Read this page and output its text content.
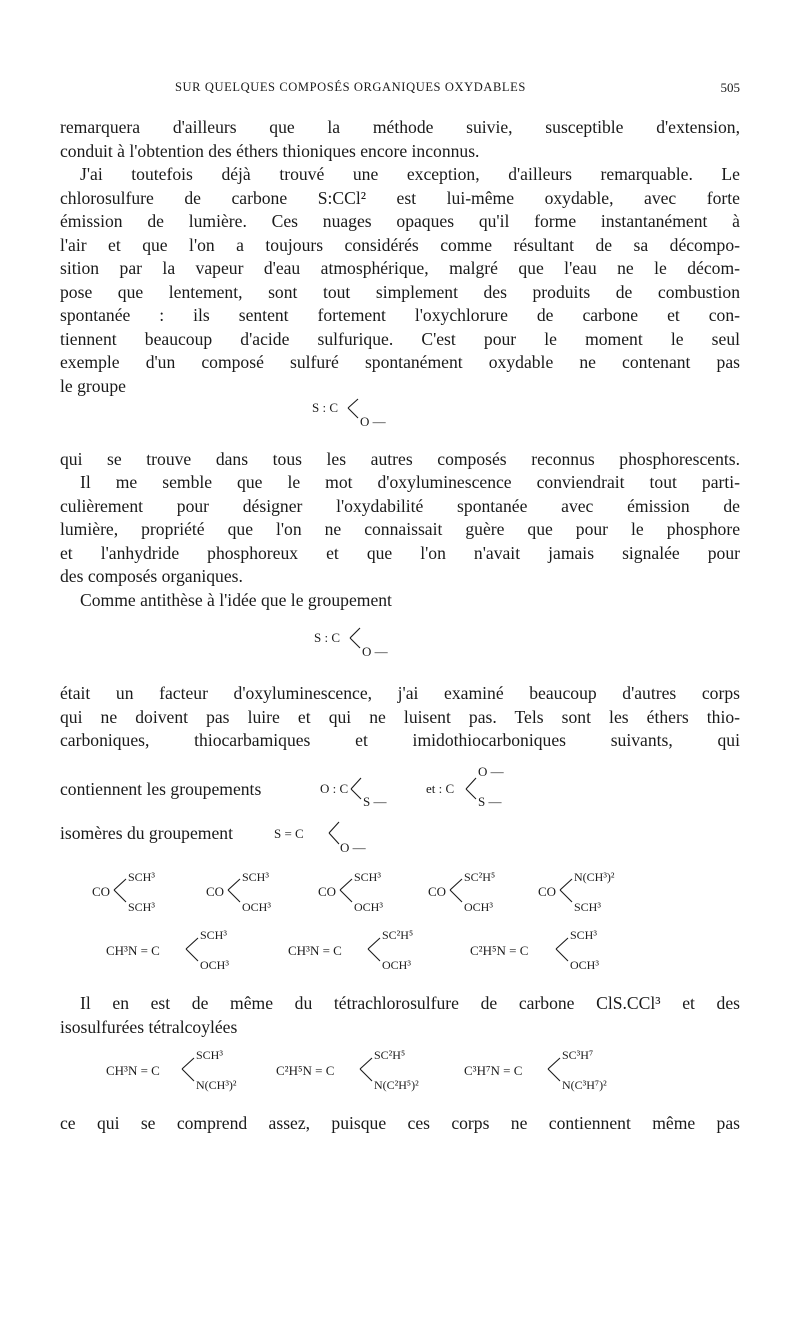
SUR QUELQUES COMPOSÉS ORGANIQUES OXYDABLES	505
remarquera d'ailleurs que la méthode suivie, susceptible d'extension,
conduit à l'obtention des éthers thioniques encore inconnus.
J'ai toutefois déjà trouvé une exception, d'ailleurs remarquable. Le
chlorosulfure de carbone S:CCl² est lui-même oxydable, avec forte
émission de lumière. Ces nuages opaques qu'il forme instantanément à
l'air et que l'on a toujours considérés comme résultant de sa décompo-
sition par la vapeur d'eau atmosphérique, malgré que l'eau ne le décom-
pose que lentement, sont tout simplement des produits de combustion
spontanée : ils sentent fortement l'oxychlorure de carbone et con-
tiennent beaucoup d'acide sulfurique. C'est pour le moment le seul
exemple d'un composé sulfuré spontanément oxydable ne contenant pas
le groupe
S : C
O —
qui se trouve dans tous les autres composés reconnus phosphorescents.
Il me semble que le mot d'oxyluminescence conviendrait tout parti-
culièrement pour désigner l'oxydabilité spontanée avec émission de
lumière, propriété que l'on ne connaissait guère que pour le phosphore
et l'anhydride phosphoreux et que l'on n'avait jamais signalée pour
des composés organiques.
Comme antithèse à l'idée que le groupement
S : C
O —
était un facteur d'oxyluminescence, j'ai examiné beaucoup d'autres corps
qui ne doivent pas luire et qui ne luisent pas. Tels sont les éthers thio-
carboniques, thiocarbamiques et imidothiocarboniques suivants, qui
contiennent les groupements	O : C
S —
et : C
O —
S —
isomères du groupement	S = C
O —
CO
SCH³
SCH³
CO
SCH³
OCH³
CO
SCH³
OCH³
CO
SC²H⁵
OCH³
CO
N(CH³)²
SCH³
CH³N = C
SCH³
OCH³
CH³N = C
SC²H⁵
OCH³
C²H⁵N = C
SCH³
OCH³
Il en est de même du tétrachlorosulfure de carbone ClS.CCl³ et des
isosulfurées tétralcoylées
CH³N = C
SCH³
N(CH³)²
C²H⁵N = C
SC²H⁵
N(C²H⁵)²
C³H⁷N = C
SC³H⁷
N(C³H⁷)²
ce qui se comprend assez, puisque ces corps ne contiennent même pas
